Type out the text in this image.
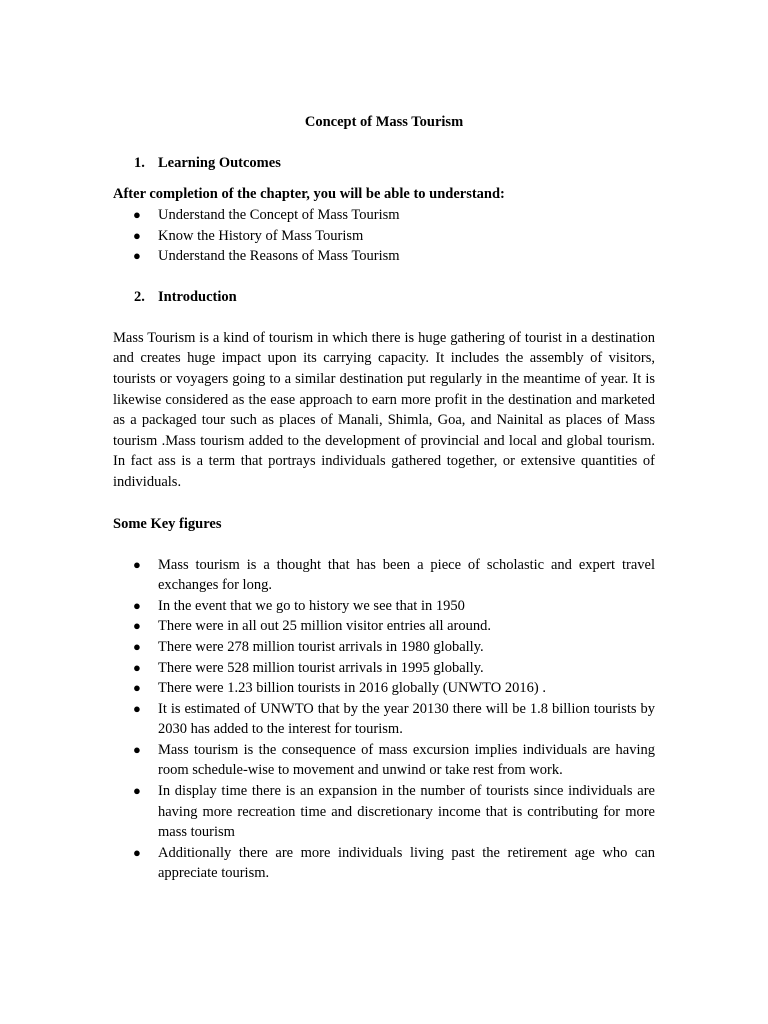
Concept of Mass Tourism
1. Learning Outcomes
After completion of the chapter, you will be able to understand:
● Understand the Concept of Mass Tourism
● Know the History of Mass Tourism
● Understand the Reasons of Mass Tourism
2. Introduction

Mass Tourism is a kind of tourism in which there is huge gathering of tourist in a destination and creates huge impact upon its carrying capacity. It includes the assembly of visitors, tourists or voyagers going to a similar destination put regularly in the meantime of year. It is likewise considered as the ease approach to earn more profit in the destination and marketed as a packaged tour such as places of Manali, Shimla, Goa, and Nainital as places of Mass tourism .Mass tourism added to the development of provincial and local and global tourism. In fact ass is a term that portrays individuals gathered together, or extensive quantities of individuals.

Some Key figures
● Mass tourism is a thought that has been a piece of scholastic and expert travel exchanges for long.
● In the event that we go to history we see that in 1950
● There were in all out 25 million visitor entries all around.
● There were 278 million tourist arrivals in 1980 globally.
● There were 528 million tourist arrivals in 1995 globally.
● There were 1.23 billion tourists in 2016 globally (UNWTO 2016) .
● It is estimated of UNWTO that by the year 20130 there will be 1.8 billion tourists by 2030 has added to the interest for tourism.
● Mass tourism is the consequence of mass excursion implies individuals are having room schedule-wise to movement and unwind or take rest from work.
● In display time there is an expansion in the number of tourists since individuals are having more recreation time and discretionary income that is contributing for more mass tourism
● Additionally there are more individuals living past the retirement age who can appreciate tourism.
